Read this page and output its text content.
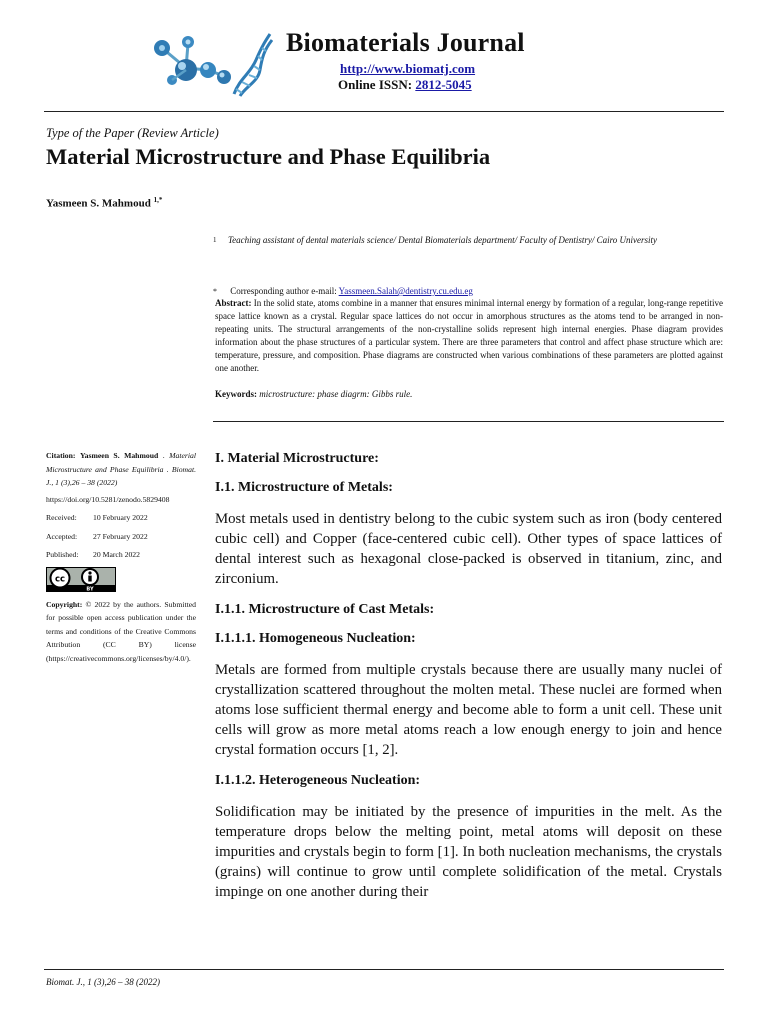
Biomaterials Journal
http://www.biomatj.com
Online ISSN: 2812-5045
Type of the Paper (Review Article)
Material Microstructure and Phase Equilibria
Yasmeen S. Mahmoud $^{1,*}$
1	Teaching assistant of dental materials science/ Dental Biomaterials department/ Faculty of Dentistry/ Cairo University
* Corresponding author e-mail: Yassmeen.Salah@dentistry.cu.edu.eg
Abstract: In the solid state, atoms combine in a manner that ensures minimal internal energy by formation of a regular, long-range repetitive space lattice known as a crystal. Regular space lattices do not occur in amorphous structures as the atoms tend to be arranged in non-repeating units. The structural arrangements of the non-crystalline solids represent high internal energies. Phase diagram provides information about the phase structures of a particular system. There are three parameters that control and affect phase structure which are: temperature, pressure, and composition. Phase diagrams are constructed when various combinations of these parameters are plotted against one another.
Keywords: microstructure: phase diagrm: Gibbs rule.
Citation: Yasmeen S. Mahmoud . Material Microstructure and Phase Equilibria . Biomat. J., 1 (3),26 – 38 (2022)
https://doi.org/10.5281/zenodo.5829408
Received: 10 February 2022
Accepted: 27 February 2022
Published: 20 March 2022
cc
BY
Copyright: © 2022 by the authors. Submitted for possible open access publication under the terms and conditions of the Creative Commons Attribution (CC BY) license (https://creativecommons.org/licenses/by/4.0/).

I. Material Microstructure:

I.1. Microstructure of Metals:

Most metals used in dentistry belong to the cubic system such as iron (body centered cubic cell) and Copper (face-centered cubic cell). Other types of space lattices of dental interest such as hexagonal close-packed is observed in titanium, zinc, and zirconium.

I.1.1. Microstructure of Cast Metals:

I.1.1.1. Homogeneous Nucleation:

Metals are formed from multiple crystals because there are usually many nuclei of crystallization scattered throughout the molten metal. These nuclei are formed when atoms lose sufficient thermal energy and become able to form a unit cell. These unit cells will grow as more metal atoms reach a low enough energy to join and hence crystal formation occurs [1, 2].

I.1.1.2. Heterogeneous Nucleation:

Solidification may be initiated by the presence of impurities in the melt. As the temperature drops below the melting point, metal atoms will deposit on these impurities and crystals begin to form [1]. In both nucleation mechanisms, the crystals (grains) will continue to grow until complete solidification of the metal. Crystals impinge on one another during their

Biomat. J., 1 (3),26 – 38 (2022)
